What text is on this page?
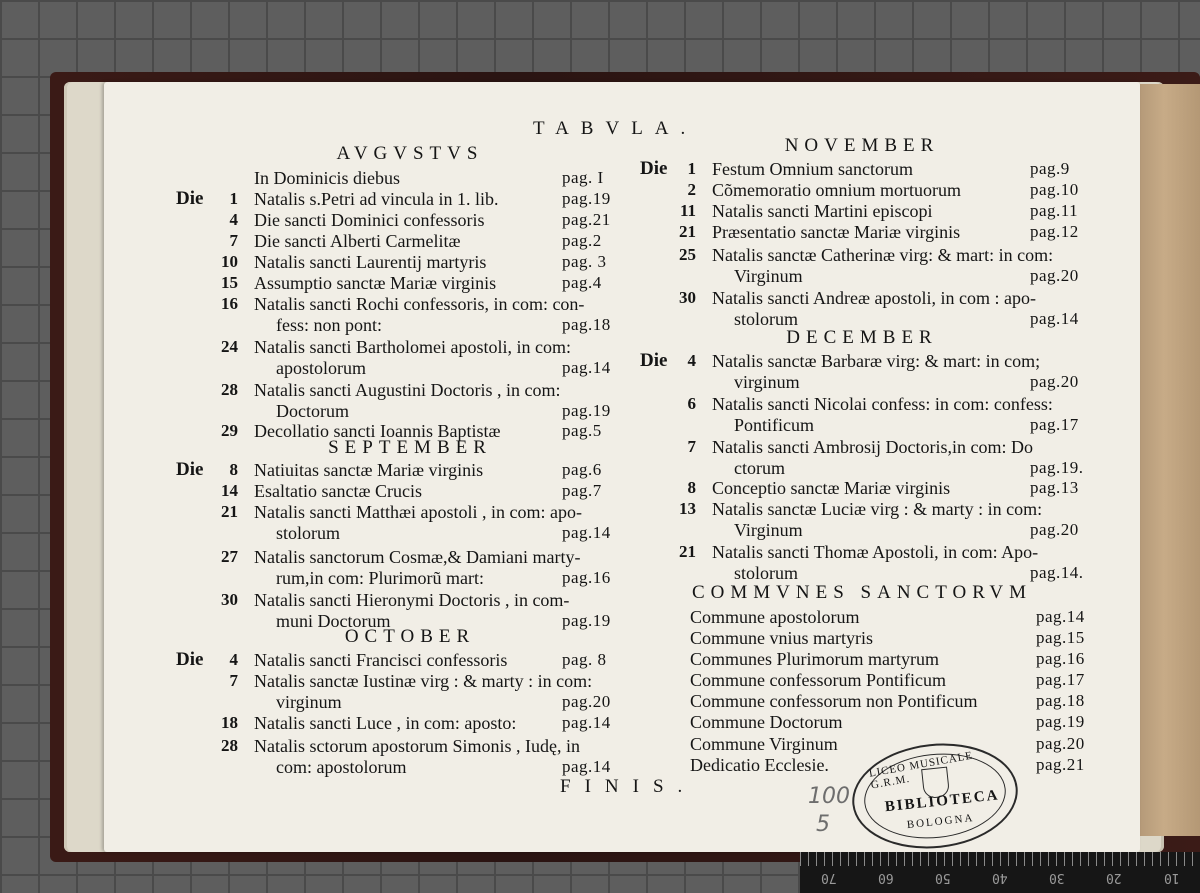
TABVLA.
AVGVSTVS
In Dominicis diebus	pag. I
Die	1 Natalis s.Petri ad vincula in 1. lib.	pag.19
4 Die sancti Dominici confessoris	pag.21
7 Die sancti Alberti Carmelitæ	pag.2
10 Natalis sancti Laurentij martyris	pag. 3
15 Assumptio sanctæ Mariæ virginis	pag.4
16 Natalis sancti Rochi confessoris, in com: con-
fess: non pont:	pag.18
24 Natalis sancti Bartholomei apostoli, in com:
apostolorum	pag.14
28 Natalis sancti Augustini Doctoris , in com:
Doctorum	pag.19
29 Decollatio sancti Ioannis Baptistæ	pag.5
SEPTEMBER
Die	8 Natiuitas sanctæ Mariæ virginis	pag.6
14 Esaltatio sanctæ Crucis	pag.7
21 Natalis sancti Matthæi apostoli , in com: apo-
stolorum	pag.14
27 Natalis sanctorum Cosmæ,& Damiani marty-
rum,in com: Plurimorũ mart:	pag.16
30 Natalis sancti Hieronymi Doctoris , in com-
muni Doctorum	pag.19
OCTOBER
Die	4 Natalis sancti Francisci confessoris	pag. 8
7 Natalis sanctæ Iustinæ virg : & marty : in com:
virginum	pag.20
18 Natalis sancti Luce , in com: aposto:	pag.14
28 Natalis sctorum apostorum Simonis , Iudę, in
com: apostolorum	pag.14
NOVEMBER
Die	1 Festum Omnium sanctorum	pag.9
2 Cõmemoratio omnium mortuorum	pag.10
11 Natalis sancti Martini episcopi	pag.11
21 Præsentatio sanctæ Mariæ virginis	pag.12
25 Natalis sanctæ Catherinæ virg: & mart: in com:
Virginum	pag.20
30 Natalis sancti Andreæ apostoli, in com : apo-
stolorum	pag.14
DECEMBER
Die	4 Natalis sanctæ Barbaræ virg: & mart: in com;
virginum	pag.20
6 Natalis sancti Nicolai confess: in com: confess:
Pontificum	pag.17
7 Natalis sancti Ambrosij Doctoris,in com: Do
ctorum	pag.19.
8 Conceptio sanctæ Mariæ virginis	pag.13
13 Natalis sanctæ Luciæ virg : & marty : in com:
Virginum	pag.20
21 Natalis sancti Thomæ Apostoli, in com: Apo-
stolorum	pag.14.
COMMVNES SANCTORVM
Commune apostolorum	pag.14
Commune vnius martyris	pag.15
Communes Plurimorum martyrum	pag.16
Commune confessorum Pontificum	pag.17
Commune confessorum non Pontificum	pag.18
Commune Doctorum	pag.19
Commune Virginum	pag.20
Dedicatio Ecclesie.	pag.21
FINIS.	100
5
LICEO MUSICALE G.R.M.
BIBLIOTECA
BOLOGNA
70	60	50	40	30	20	10
